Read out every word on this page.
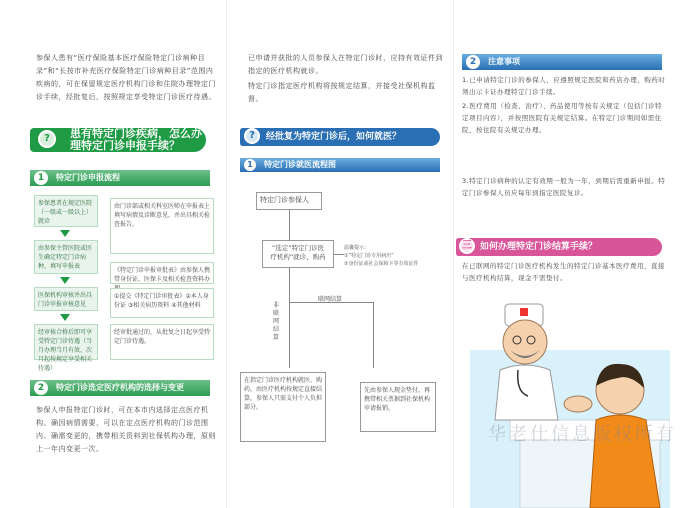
参保人患有“医疗保险基本医疗保险特定门诊病种目录”和“长按市补充医疗保险特定门诊病种目录”范围内疾病的，可在保留规定医疗机构门诊和住院办理特定门诊手续，经批复后，按照规定享受特定门诊医疗待遇。
?	患有特定门诊疾病，怎么办理特定门诊申报手续？
1	特定门诊申报流程
参保患者在规定医院（一级或一级以上）就诊
由参保主管医院或医生确定特定门诊病种，填写申报表
医保机构审核并出具门诊申报审核意见
经审核合格后即可享受特定门诊待遇（当月办理当月有效，次月起按规定享受相关待遇）
由门诊部或相关科室医师在申报表上填写病情及诊断意见，并出具相关检查报告。
《特定门诊申报审批表》由参保人携带身份证、医保卡及相关检查资料办
①提交《特定门诊审批表》②本人身份证 ③相关病历资料 ④其他材料
经审批通过的，从批复之日起享受特定门诊待遇。
2	特定门诊选定医疗机构的选择与变更
参保人申报特定门诊时，可在本市内选择定点医疗机构。确因病情需要，可以在定点医疗机构的门诊范围内、确需变更的，携带相关资料到社保机构办理，原则上一年内变更一次。
已申请并获批的人员参保人在特定门诊时，应持有效证件到指定的医疗机构就诊。
特定门诊指定医疗机构将按规定结算，并接受社保机构监督。
?	经批复为特定门诊后，如何就医？
1	特定门诊就医流程图
特定门诊参保人
“选定”特定门诊医
疗机构”就诊、购药
温馨提示：
①“特定门诊专用病历”
②身份证或社会保障卡等有效证件
联网结算
非联网结算
在指定门诊医疗机构就医、购药，由医疗机构按规定直接结算，参保人只需支付个人负担部分。
先由参保人现金垫付，再携带相关票据到社保机构申请报销。
2	注意事项
1.已申请特定门诊的参保人，应遵照规定医院和药店办理，购药时须出示卡证办理特定门诊手续。
2.医疗费用（检查、治疗）、药品使用等按有关规定（包括门诊特定项目内容），并按照医院有关规定结算。在特定门诊期间如需住院，按住院有关规定办理。
3.特定门诊病种的认定有效期一般为一年，到期后需重新申报。特定门诊参保人员应每年到指定医院复诊。
三 如何办理特定门诊结算手续？
在已联网的特定门诊医疗机构发生的特定门诊基本医疗费用，直接与医疗机构结算，现金不需垫付。
华老仕信息版权所有
